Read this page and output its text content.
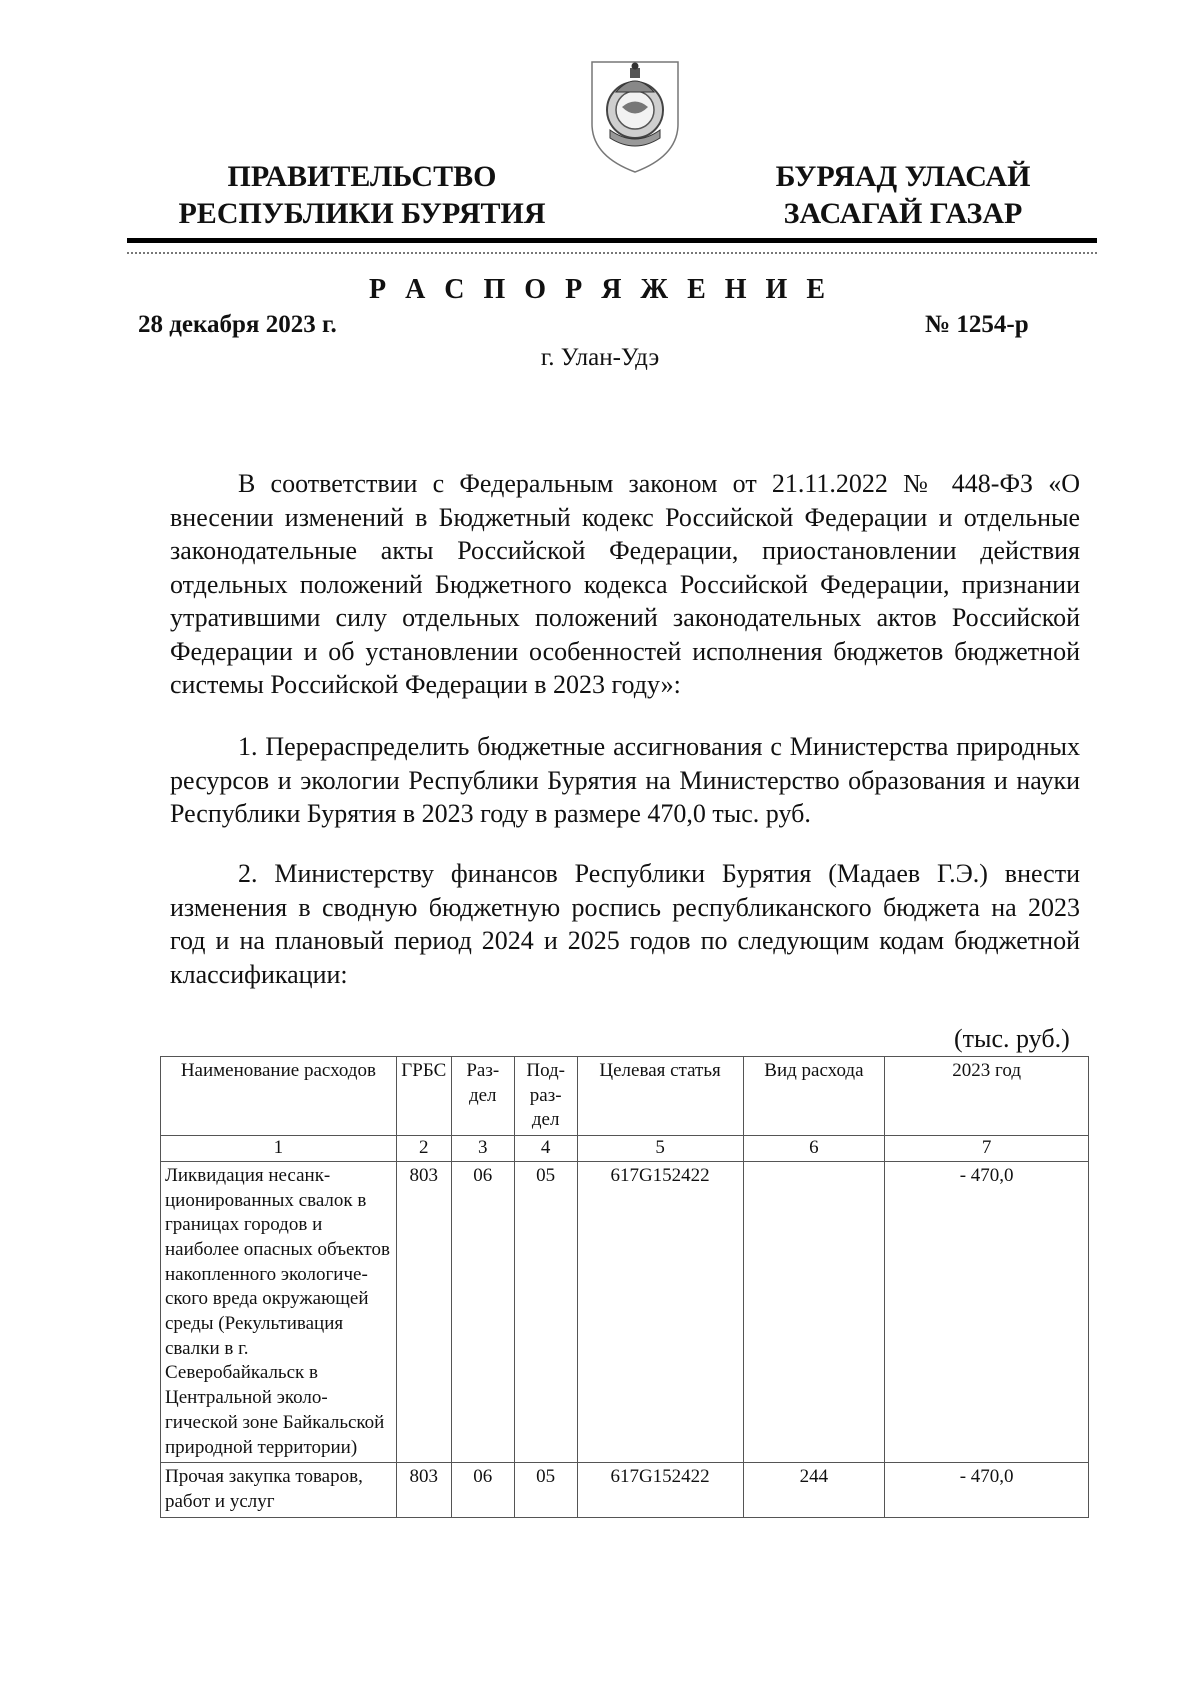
ПРАВИТЕЛЬСТВО
РЕСПУБЛИКИ БУРЯТИЯ
БУРЯАД УЛАСАЙ
ЗАСАГАЙ ГАЗАР
Р А С П О Р Я Ж Е Н И Е
28 декабря 2023 г.	№ 1254-р
г. Улан-Удэ
В соответствии с Федеральным законом от 21.11.2022 № 448-ФЗ «О внесении изменений в Бюджетный кодекс Российской Федерации и отдельные законодательные акты Российской Федерации, приостановлении действия отдельных положений Бюджетного кодекса Российской Федерации, признании утратившими силу отдельных положений законодательных актов Российской Федерации и об установлении особенностей исполнения бюджетов бюджетной системы Российской Федерации в 2023 году»:
1. Перераспределить бюджетные ассигнования с Министерства природных ресурсов и экологии Республики Бурятия на Министерство образования и науки Республики Бурятия в 2023 году в размере 470,0 тыс. руб.
2. Министерству финансов Республики Бурятия (Мадаев Г.Э.) внести изменения в сводную бюджетную роспись республиканского бюджета на 2023 год и на плановый период 2024 и 2025 годов по следующим кодам бюджетной классификации:
(тыс. руб.)
Наименование расходов	ГРБС	Раз-дел	Под-раз-дел	Целевая статья	Вид расхода	2023 год
1	2	3	4	5	6	7
Ликвидация несанкционированных свалок в границах городов и наиболее опасных объектов накопленного экологического вреда окружающей среды (Рекультивация свалки в г. Северобайкальск в Центральной экологической зоне Байкальской природной территории)	803	06	05	617G152422		- 470,0
Прочая закупка товаров, работ и услуг	803	06	05	617G152422	244	- 470,0
